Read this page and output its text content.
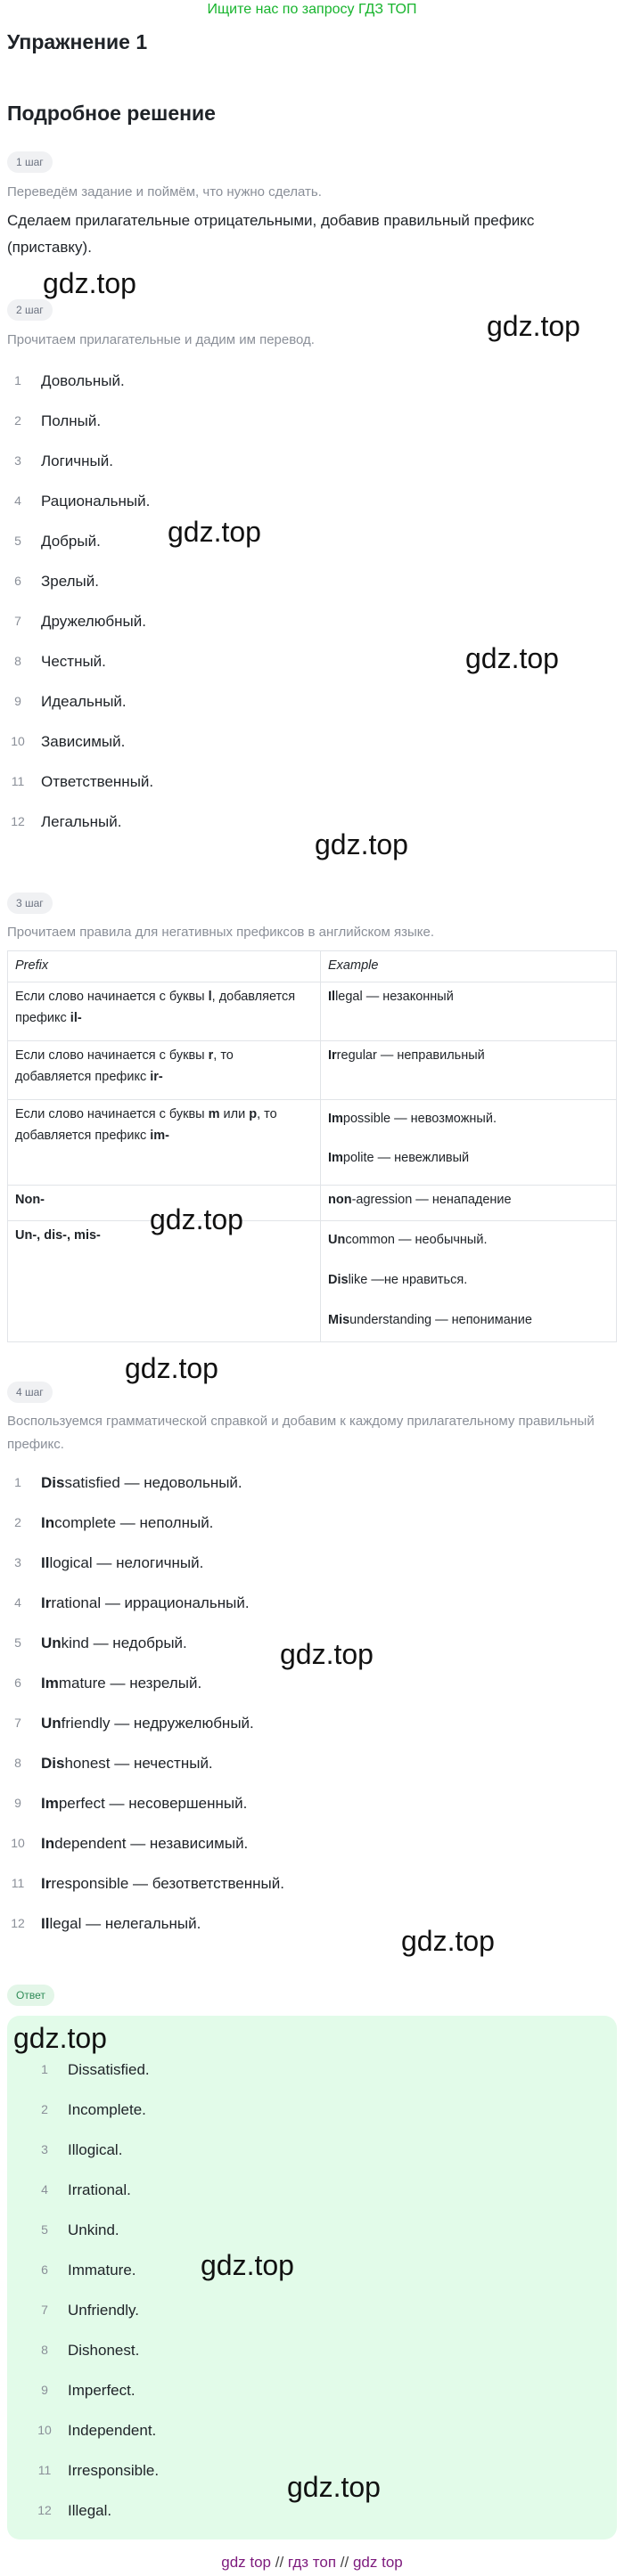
Ищите нас по запросу ГДЗ ТОП
Упражнение 1
Подробное решение
1 шаг
Переведём задание и поймём, что нужно сделать.
Сделаем прилагательные отрицательными, добавив правильный префикс (приставку).
2 шаг
Прочитаем прилагательные и дадим им перевод.
1	Довольный.
2	Полный.
3	Логичный.
4	Рациональный.
5	Добрый.
6	Зрелый.
7	Дружелюбный.
8	Честный.
9	Идеальный.
10 Зависимый.
11 Ответственный.
12 Легальный.
3 шаг
Прочитаем правила для негативных префиксов в английском языке.
Prefix	Example
Если слово начинается с буквы l, добавляется префикс il-	Illegal — незаконный
Если слово начинается с буквы r, то добавляется префикс ir-	Irregular — неправильный
Если слово начинается с буквы m или p, то добавляется префикс im-	Impossible — невозможный.
Impolite — невежливый

Non-	non-agression — ненападение
Un-, dis-, mis-	Uncommon — необычный.
Dislike —не нравиться.
Misunderstanding — непонимание
4 шаг
Воспользуемся грамматической справкой и добавим к каждому прилагательному правильный префикс.
1	Dissatisfied — недовольный.
2	Incomplete — неполный.
3	Illogical — нелогичный.
4	Irrational — иррациональный.
5	Unkind — недобрый.
6	Immature — незрелый.
7	Unfriendly — недружелюбный.
8	Dishonest — нечестный.
9	Imperfect — несовершенный.
10 Independent — независимый.
11 Irresponsible — безответственный.
12 Illegal — нелегальный.
Ответ
1	Dissatisfied.
2	Incomplete.
3	Illogical.
4	Irrational.
5	Unkind.
6	Immature.
7	Unfriendly.
8	Dishonest.
9	Imperfect.
10 Independent.
11 Irresponsible.
12 Illegal.
gdz.top
gdz.top
gdz.top
gdz.top
gdz.top
gdz.top
gdz.top
gdz.top
gdz.top
gdz.top
gdz.top
gdz.top
gdz top // гдз топ // gdz top
